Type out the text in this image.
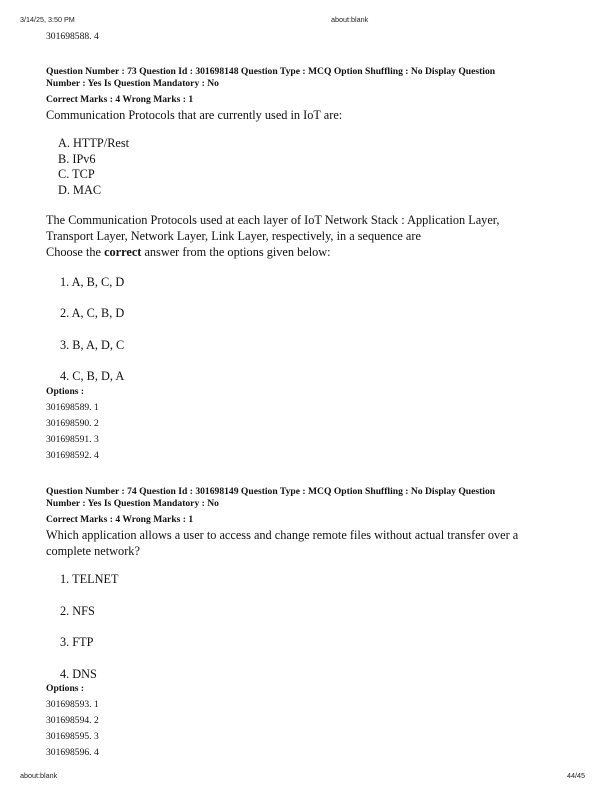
3/14/25, 3:50 PM	about:blank
301698588. 4
Question Number : 73 Question Id : 301698148 Question Type : MCQ Option Shuffling : No Display Question
Number : Yes Is Question Mandatory : No
Correct Marks : 4 Wrong Marks : 1
Communication Protocols that are currently used in IoT are:
A. HTTP/Rest
B. IPv6
C. TCP
D. MAC
The Communication Protocols used at each layer of IoT Network Stack : Application Layer,
Transport Layer, Network Layer, Link Layer, respectively, in a sequence are
Choose the correct answer from the options given below:
1. A, B, C, D
2. A, C, B, D
3. B, A, D, C
4. C, B, D, A
Options :
301698589. 1
301698590. 2
301698591. 3
301698592. 4
Question Number : 74 Question Id : 301698149 Question Type : MCQ Option Shuffling : No Display Question
Number : Yes Is Question Mandatory : No
Correct Marks : 4 Wrong Marks : 1
Which application allows a user to access and change remote files without actual transfer over a
complete network?
1. TELNET
2. NFS
3. FTP
4. DNS
Options :
301698593. 1
301698594. 2
301698595. 3
301698596. 4
about:blank	44/45
